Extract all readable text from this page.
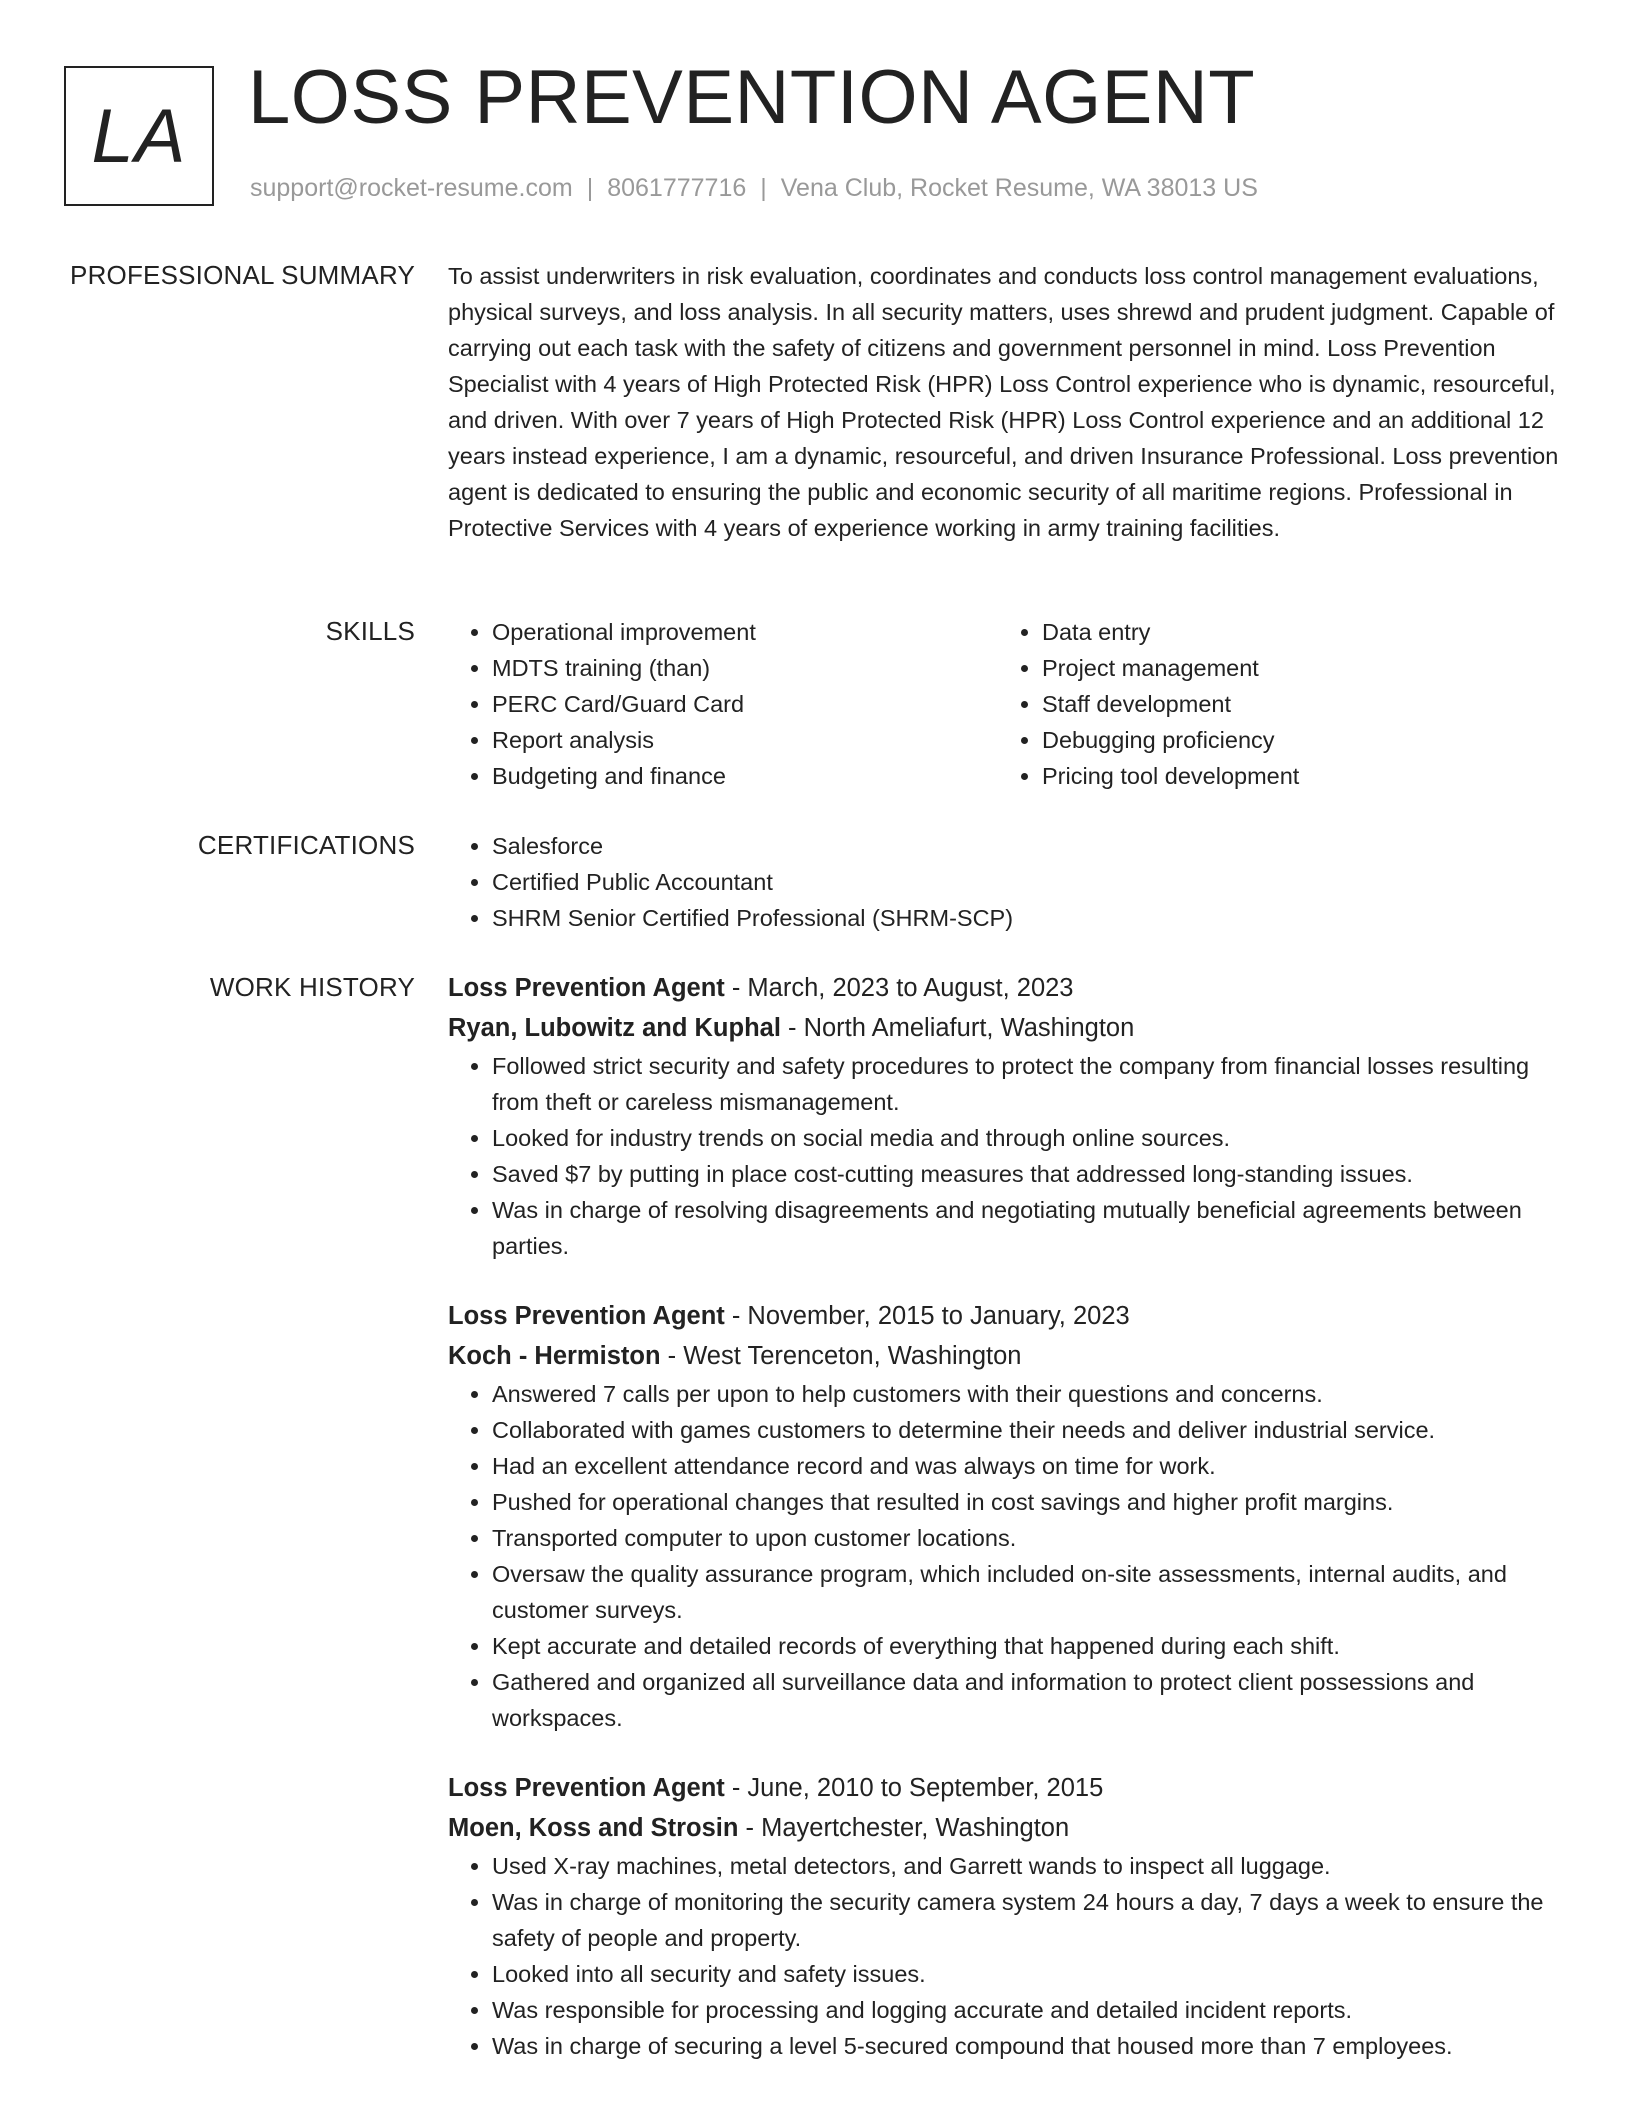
LA LOSS PREVENTION AGENT
support@rocket-resume.com | 8061777716 | Vena Club, Rocket Resume, WA 38013 US
PROFESSIONAL SUMMARY To assist underwriters in risk evaluation, coordinates and conducts loss control management evaluations, physical surveys, and loss analysis. In all security matters, uses shrewd and prudent judgment. Capable of carrying out each task with the safety of citizens and government personnel in mind. Loss Prevention Specialist with 4 years of High Protected Risk (HPR) Loss Control experience who is dynamic, resourceful, and driven. With over 7 years of High Protected Risk (HPR) Loss Control experience and an additional 12 years instead experience, I am a dynamic, resourceful, and driven Insurance Professional. Loss prevention agent is dedicated to ensuring the public and economic security of all maritime regions. Professional in Protective Services with 4 years of experience working in army training facilities.

SKILLS	• Operational improvement
• MDTS training (than)
• PERC Card/Guard Card
• Report analysis
• Budgeting and finance
• Data entry
• Project management
• Staff development
• Debugging proficiency
• Pricing tool development
CERTIFICATIONS	• Salesforce
• Certified Public Accountant
• SHRM Senior Certified Professional (SHRM-SCP)
WORK HISTORY Loss Prevention Agent - March, 2023 to August, 2023
Ryan, Lubowitz and Kuphal - North Ameliafurt, Washington
• Followed strict security and safety procedures to protect the company from financial losses resulting from theft or careless mismanagement.
• Looked for industry trends on social media and through online sources.
• Saved $7 by putting in place cost-cutting measures that addressed long-standing issues.
• Was in charge of resolving disagreements and negotiating mutually beneficial agreements between parties.
Loss Prevention Agent - November, 2015 to January, 2023
Koch - Hermiston - West Terenceton, Washington
• Answered 7 calls per upon to help customers with their questions and concerns.
• Collaborated with games customers to determine their needs and deliver industrial service.
• Had an excellent attendance record and was always on time for work.
• Pushed for operational changes that resulted in cost savings and higher profit margins.
• Transported computer to upon customer locations.
• Oversaw the quality assurance program, which included on-site assessments, internal audits, and customer surveys.
• Kept accurate and detailed records of everything that happened during each shift.
• Gathered and organized all surveillance data and information to protect client possessions and workspaces.
Loss Prevention Agent - June, 2010 to September, 2015
Moen, Koss and Strosin - Mayertchester, Washington
• Used X-ray machines, metal detectors, and Garrett wands to inspect all luggage.
• Was in charge of monitoring the security camera system 24 hours a day, 7 days a week to ensure the safety of people and property.
• Looked into all security and safety issues.
• Was responsible for processing and logging accurate and detailed incident reports.
• Was in charge of securing a level 5-secured compound that housed more than 7 employees.
